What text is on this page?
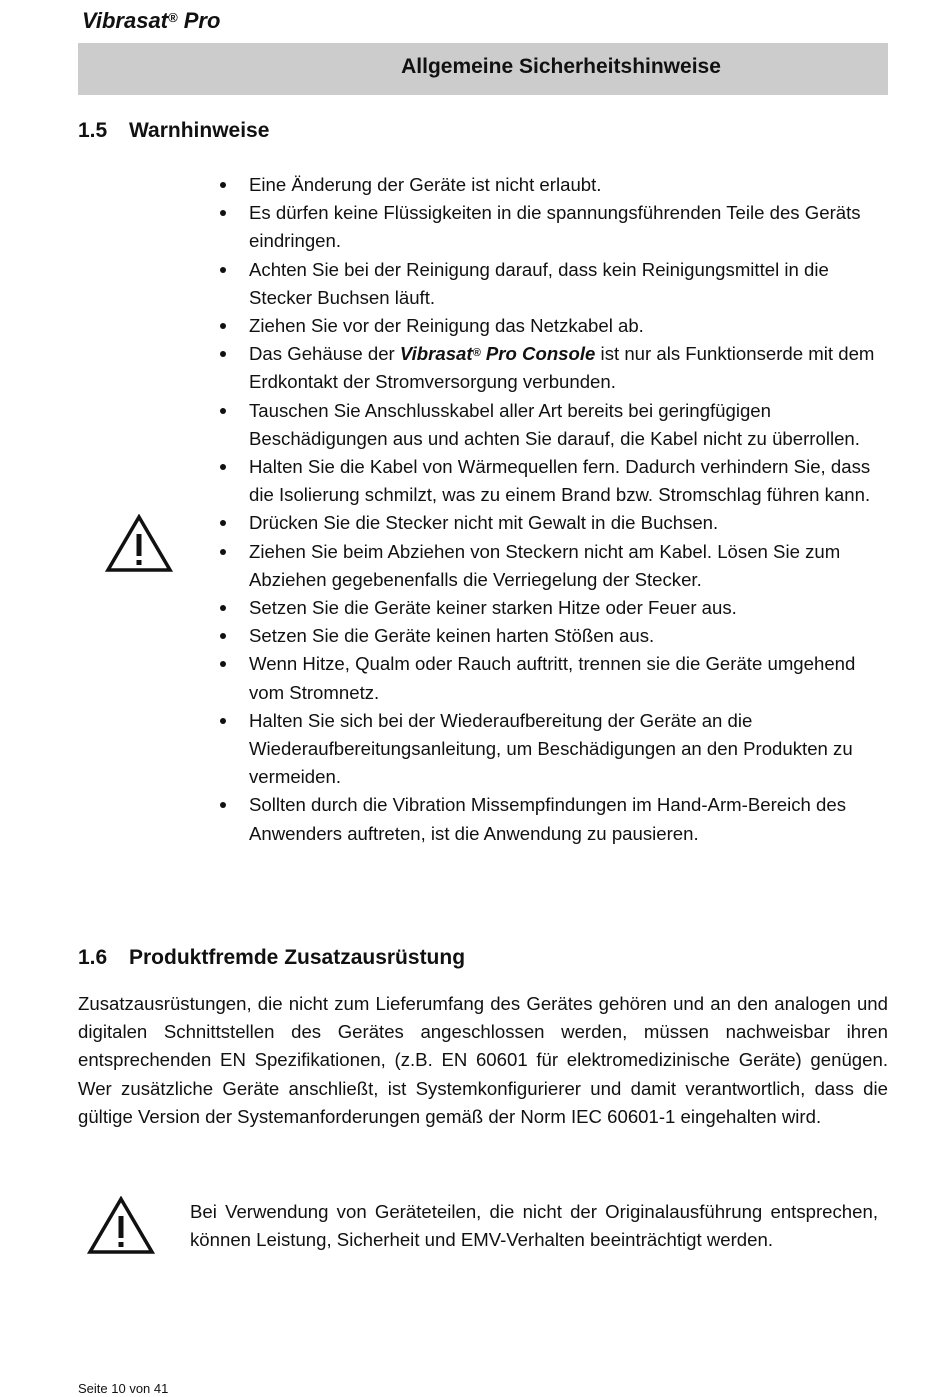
Vibrasat® Pro
Allgemeine Sicherheitshinweise
1.5 Warnhinweise
Eine Änderung der Geräte ist nicht erlaubt.
Es dürfen keine Flüssigkeiten in die spannungsführenden Teile des Geräts eindringen.
Achten Sie bei der Reinigung darauf, dass kein Reinigungsmittel in die Stecker Buchsen läuft.
Ziehen Sie vor der Reinigung das Netzkabel ab.
Das Gehäuse der Vibrasat® Pro Console ist nur als Funktionserde mit dem Erdkontakt der Stromversorgung verbunden.
Tauschen Sie Anschlusskabel aller Art bereits bei geringfügigen Beschädigungen aus und achten Sie darauf, die Kabel nicht zu überrollen.
Halten Sie die Kabel von Wärmequellen fern. Dadurch verhindern Sie, dass die Isolierung schmilzt, was zu einem Brand bzw. Stromschlag führen kann.
Drücken Sie die Stecker nicht mit Gewalt in die Buchsen.
Ziehen Sie beim Abziehen von Steckern nicht am Kabel. Lösen Sie zum Abziehen gegebenenfalls die Verriegelung der Stecker.
Setzen Sie die Geräte keiner starken Hitze oder Feuer aus.
Setzen Sie die Geräte keinen harten Stößen aus.
Wenn Hitze, Qualm oder Rauch auftritt, trennen sie die Geräte umgehend vom Stromnetz.
Halten Sie sich bei der Wiederaufbereitung der Geräte an die Wiederaufbereitungsanleitung, um Beschädigungen an den Produkten zu vermeiden.
Sollten durch die Vibration Missempfindungen im Hand-Arm-Bereich des Anwenders auftreten, ist die Anwendung zu pausieren.
1.6 Produktfremde Zusatzausrüstung

Zusatzausrüstungen, die nicht zum Lieferumfang des Gerätes gehören und an den analogen und digitalen Schnittstellen des Gerätes angeschlossen werden, müssen nachweisbar ihren entsprechenden EN Spezifikationen, (z.B. EN 60601 für elektromedizinische Geräte) genügen. Wer zusätzliche Geräte anschließt, ist Systemkonfigurierer und damit verantwortlich, dass die gültige Version der Systemanforderungen gemäß der Norm IEC 60601-1 eingehalten wird.

Bei Verwendung von Geräteteilen, die nicht der Originalausführung entsprechen, können Leistung, Sicherheit und EMV-Verhalten beeinträchtigt werden.

Seite 10 von 41
